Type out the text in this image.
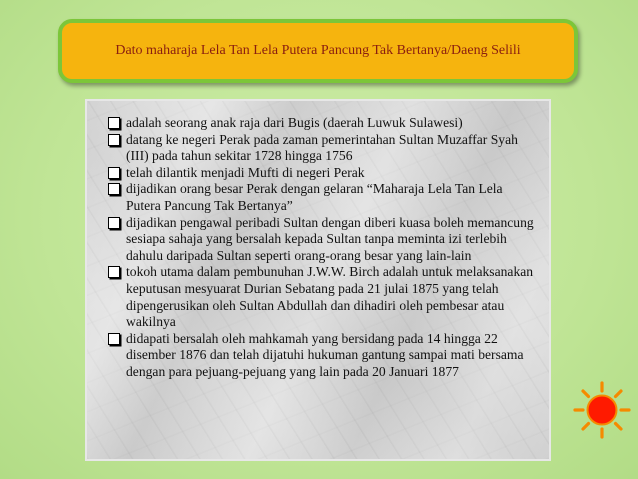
Dato maharaja Lela Tan Lela Putera Pancung Tak Bertanya/Daeng Selili
adalah seorang anak raja dari Bugis (daerah Luwuk Sulawesi)
datang ke negeri Perak pada zaman pemerintahan Sultan Muzaffar Syah (III) pada tahun sekitar 1728 hingga 1756
telah dilantik menjadi Mufti di negeri Perak
dijadikan orang besar Perak dengan gelaran “Maharaja Lela Tan Lela Putera Pancung Tak Bertanya”
dijadikan pengawal peribadi Sultan dengan diberi kuasa boleh memancung sesiapa sahaja yang bersalah kepada Sultan tanpa meminta izi terlebih dahulu daripada Sultan seperti orang-orang besar yang lain-lain
tokoh utama dalam pembunuhan J.W.W. Birch adalah untuk melaksanakan keputusan mesyuarat Durian Sebatang pada 21 julai 1875 yang telah dipengerusikan oleh Sultan Abdullah dan dihadiri oleh pembesar atau wakilnya
didapati bersalah oleh mahkamah yang bersidang pada 14 hingga 22 disember 1876 dan telah dijatuhi hukuman gantung sampai mati bersama dengan para pejuang-pejuang yang lain pada 20 Januari 1877
